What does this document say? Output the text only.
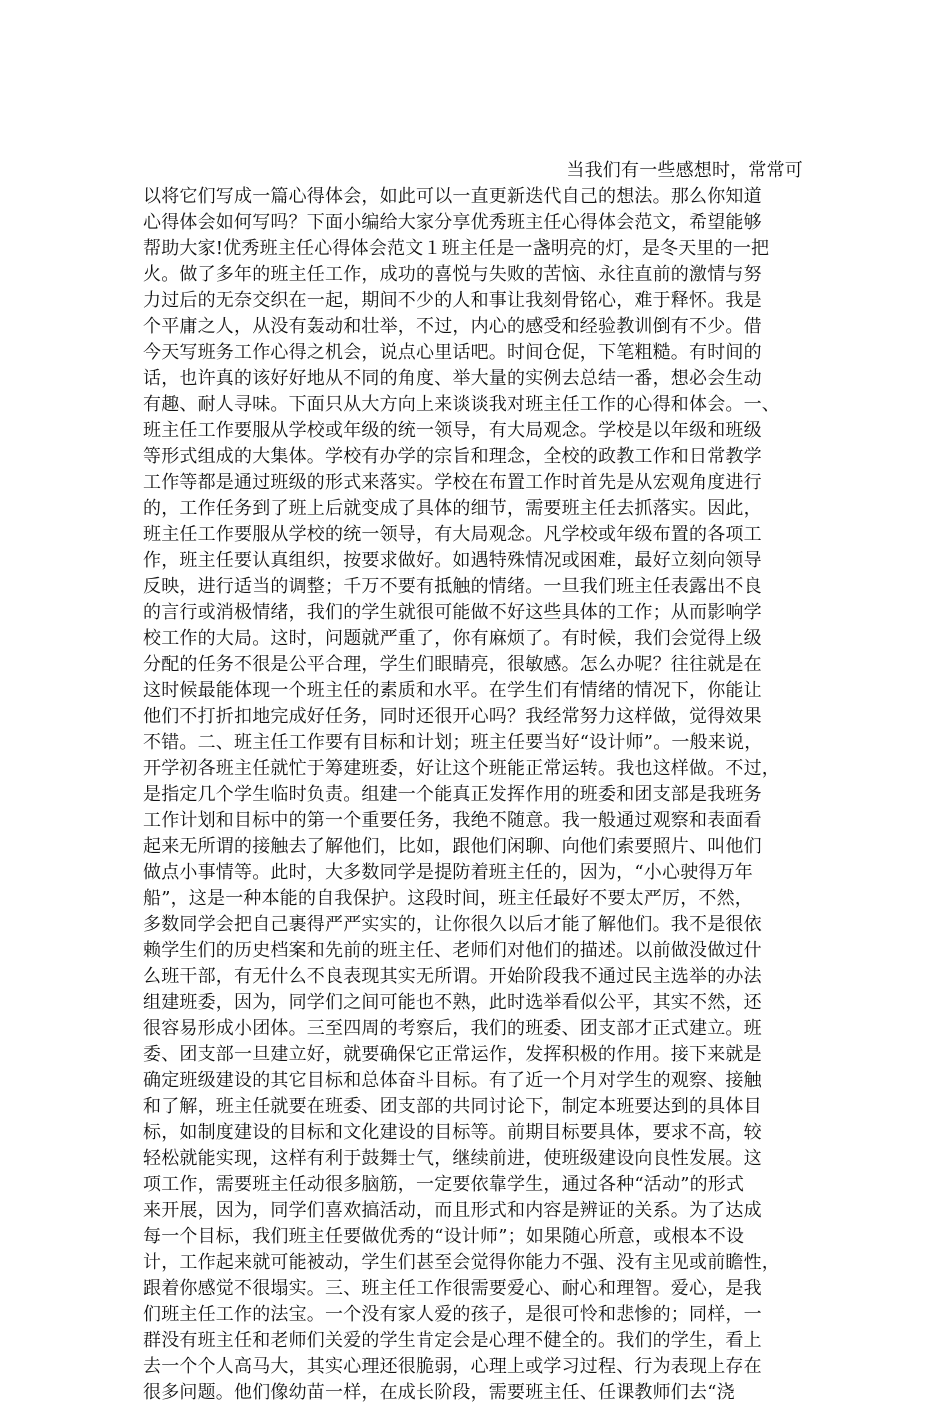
当我们有一些感想时，常常可
以将它们写成一篇心得体会，如此可以一直更新迭代自己的想法。那么你知道
心得体会如何写吗？下面小编给大家分享优秀班主任心得体会范文，希望能够
帮助大家!优秀班主任心得体会范文１班主任是一盏明亮的灯，是冬天里的一把
火。做了多年的班主任工作，成功的喜悦与失败的苦恼、永往直前的激情与努
力过后的无奈交织在一起，期间不少的人和事让我刻骨铭心，难于释怀。我是
个平庸之人，从没有轰动和壮举，不过，内心的感受和经验教训倒有不少。借
今天写班务工作心得之机会，说点心里话吧。时间仓促，下笔粗糙。有时间的
话，也许真的该好好地从不同的角度、举大量的实例去总结一番，想必会生动
有趣、耐人寻味。下面只从大方向上来谈谈我对班主任工作的心得和体会。一、
班主任工作要服从学校或年级的统一领导，有大局观念。学校是以年级和班级
等形式组成的大集体。学校有办学的宗旨和理念，全校的政教工作和日常教学
工作等都是通过班级的形式来落实。学校在布置工作时首先是从宏观角度进行
的，工作任务到了班上后就变成了具体的细节，需要班主任去抓落实。因此，
班主任工作要服从学校的统一领导，有大局观念。凡学校或年级布置的各项工
作，班主任要认真组织，按要求做好。如遇特殊情况或困难，最好立刻向领导
反映，进行适当的调整；千万不要有抵触的情绪。一旦我们班主任表露出不良
的言行或消极情绪，我们的学生就很可能做不好这些具体的工作；从而影响学
校工作的大局。这时，问题就严重了，你有麻烦了。有时候，我们会觉得上级
分配的任务不很是公平合理，学生们眼睛亮，很敏感。怎么办呢？往往就是在
这时候最能体现一个班主任的素质和水平。在学生们有情绪的情况下，你能让
他们不打折扣地完成好任务，同时还很开心吗？我经常努力这样做，觉得效果
不错。二、班主任工作要有目标和计划；班主任要当好“设计师”。一般来说，
开学初各班主任就忙于筹建班委，好让这个班能正常运转。我也这样做。不过，
是指定几个学生临时负责。组建一个能真正发挥作用的班委和团支部是我班务
工作计划和目标中的第一个重要任务，我绝不随意。我一般通过观察和表面看
起来无所谓的接触去了解他们，比如，跟他们闲聊、向他们索要照片、叫他们
做点小事情等。此时，大多数同学是提防着班主任的，因为，“小心驶得万年
船”，这是一种本能的自我保护。这段时间，班主任最好不要太严厉，不然，
多数同学会把自己裹得严严实实的，让你很久以后才能了解他们。我不是很依
赖学生们的历史档案和先前的班主任、老师们对他们的描述。以前做没做过什
么班干部，有无什么不良表现其实无所谓。开始阶段我不通过民主选举的办法
组建班委，因为，同学们之间可能也不熟，此时选举看似公平，其实不然，还
很容易形成小团体。三至四周的考察后，我们的班委、团支部才正式建立。班
委、团支部一旦建立好，就要确保它正常运作，发挥积极的作用。接下来就是
确定班级建设的其它目标和总体奋斗目标。有了近一个月对学生的观察、接触
和了解，班主任就要在班委、团支部的共同讨论下，制定本班要达到的具体目
标，如制度建设的目标和文化建设的目标等。前期目标要具体，要求不高，较
轻松就能实现，这样有利于鼓舞士气，继续前进，使班级建设向良性发展。这
项工作，需要班主任动很多脑筋，一定要依靠学生，通过各种“活动”的形式
来开展，因为，同学们喜欢搞活动，而且形式和内容是辨证的关系。为了达成
每一个目标，我们班主任要做优秀的“设计师”；如果随心所意，或根本不设
计，工作起来就可能被动，学生们甚至会觉得你能力不强、没有主见或前瞻性，
跟着你感觉不很塌实。三、班主任工作很需要爱心、耐心和理智。爱心，是我
们班主任工作的法宝。一个没有家人爱的孩子，是很可怜和悲惨的；同样，一
群没有班主任和老师们关爱的学生肯定会是心理不健全的。我们的学生，看上
去一个个人高马大，其实心理还很脆弱，心理上或学习过程、行为表现上存在
很多问题。他们像幼苗一样，在成长阶段，需要班主任、任课教师们去“浇
